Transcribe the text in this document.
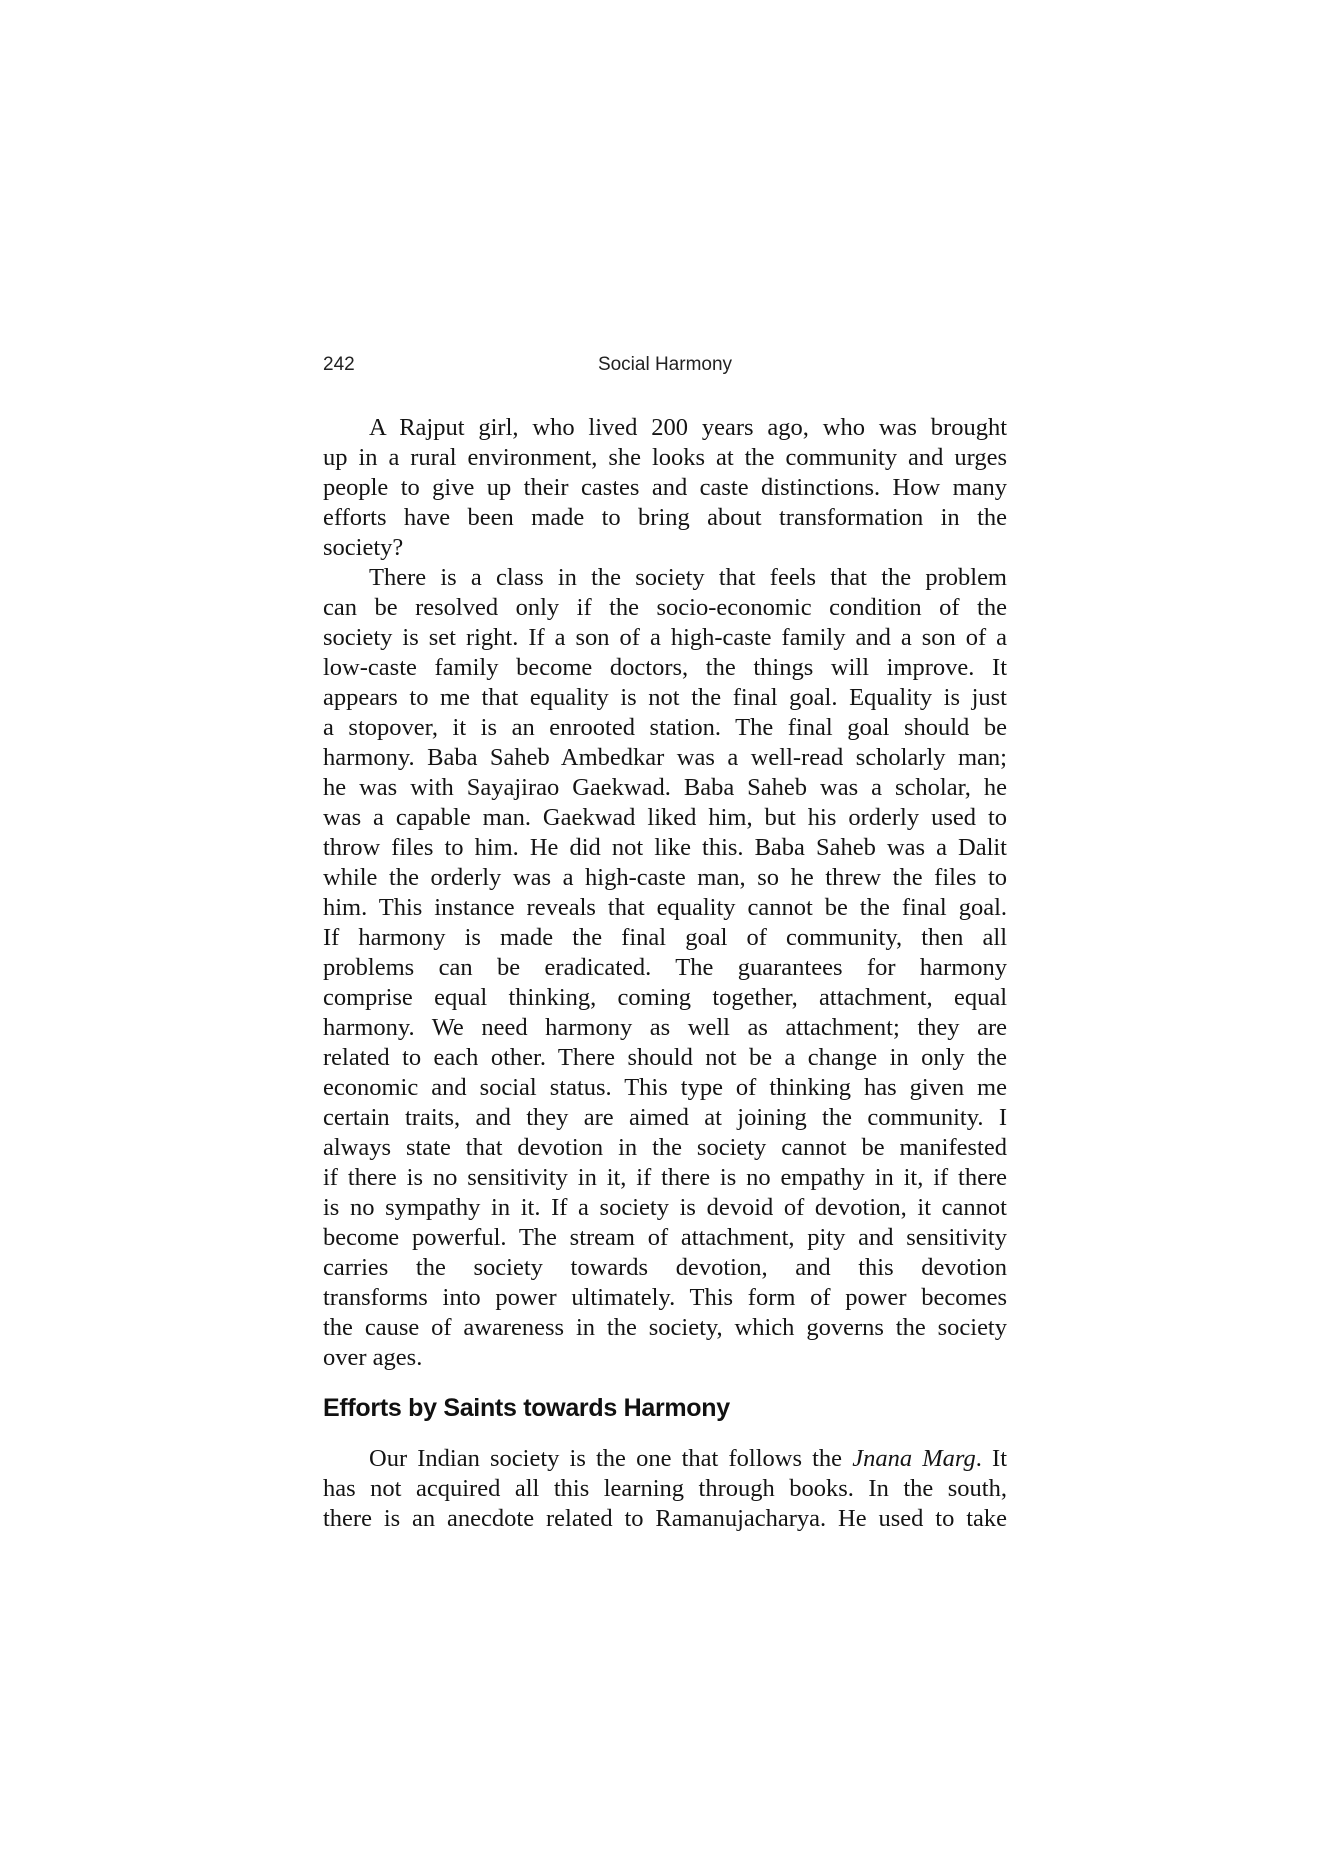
242	Social Harmony
A Rajput girl, who lived 200 years ago, who was brought
up in a rural environment, she looks at the community and urges
people to give up their castes and caste distinctions. How many
efforts have been made to bring about transformation in the
society?
There is a class in the society that feels that the problem
can be resolved only if the socio-economic condition of the
society is set right. If a son of a high-caste family and a son of a
low-caste family become doctors, the things will improve. It
appears to me that equality is not the final goal. Equality is just
a stopover, it is an enrooted station. The final goal should be
harmony. Baba Saheb Ambedkar was a well-read scholarly man;
he was with Sayajirao Gaekwad. Baba Saheb was a scholar, he
was a capable man. Gaekwad liked him, but his orderly used to
throw files to him. He did not like this. Baba Saheb was a Dalit
while the orderly was a high-caste man, so he threw the files to
him. This instance reveals that equality cannot be the final goal.
If harmony is made the final goal of community, then all
problems can be eradicated. The guarantees for harmony
comprise equal thinking, coming together, attachment, equal
harmony. We need harmony as well as attachment; they are
related to each other. There should not be a change in only the
economic and social status. This type of thinking has given me
certain traits, and they are aimed at joining the community. I
always state that devotion in the society cannot be manifested
if there is no sensitivity in it, if there is no empathy in it, if there
is no sympathy in it. If a society is devoid of devotion, it cannot
become powerful. The stream of attachment, pity and sensitivity
carries the society towards devotion, and this devotion
transforms into power ultimately. This form of power becomes
the cause of awareness in the society, which governs the society
over ages.
Efforts by Saints towards Harmony
Our Indian society is the one that follows the Jnana Marg. It
has not acquired all this learning through books. In the south,
there is an anecdote related to Ramanujacharya. He used to take
